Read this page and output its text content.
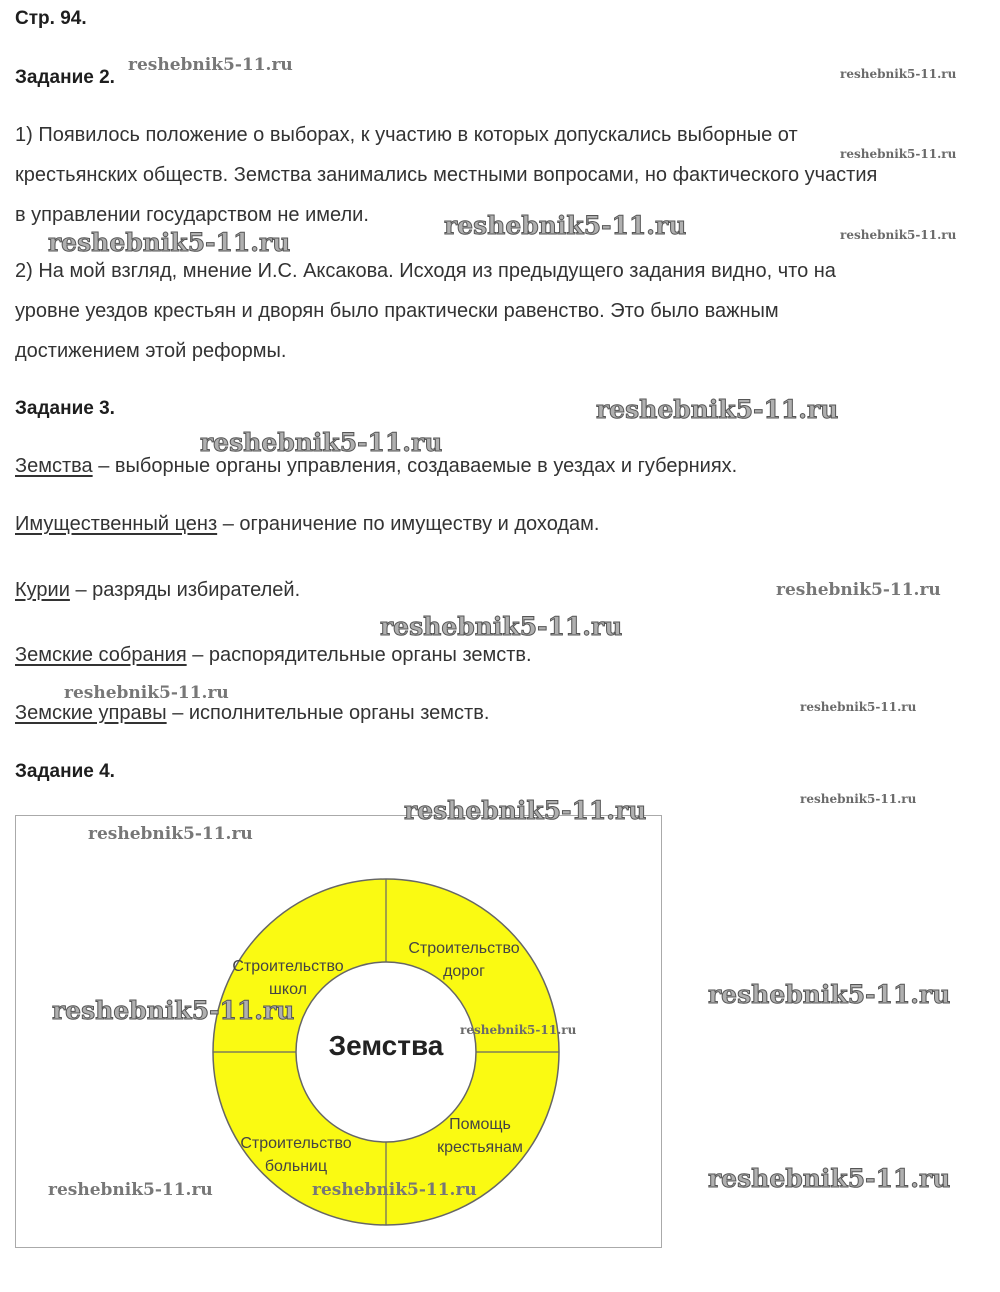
Стр. 94.
Задание 2.
1) Появилось положение о выборах, к участию в которых допускались выборные от
крестьянских обществ. Земства занимались местными вопросами, но фактического участия
в управлении государством не имели.
2) На мой взгляд, мнение И.С. Аксакова. Исходя из предыдущего задания видно, что на
уровне уездов крестьян и дворян было практически равенство. Это было важным
достижением этой реформы.
Задание 3.
Земства – выборные органы управления, создаваемые в уездах и губерниях.
Имущественный ценз – ограничение по имуществу и доходам.
Курии – разряды избирателей.
Земские собрания – распорядительные органы земств.
Земские управы – исполнительные органы земств.
Задание 4.
Земства
Строительство
школ
Строительство
дорог
Строительство
больниц
Помощь
крестьянам
reshebnik5-11.ru	reshebnik5-11.ru
reshebnik5-11.ru
reshebnik5-11.ru
reshebnik5-11.ru
reshebnik5-11.ru
reshebnik5-11.ru
reshebnik5-11.ru
reshebnik5-11.ru
reshebnik5-11.ru
reshebnik5-11.ru
reshebnik5-11.ru
reshebnik5-11.ru
reshebnik5-11.ru
reshebnik5-11.ru
reshebnik5-11.ru
reshebnik5-11.ru
reshebnik5-11.ru
reshebnik5-11.ru
reshebnik5-11.ru	reshebnik5-11.ru
